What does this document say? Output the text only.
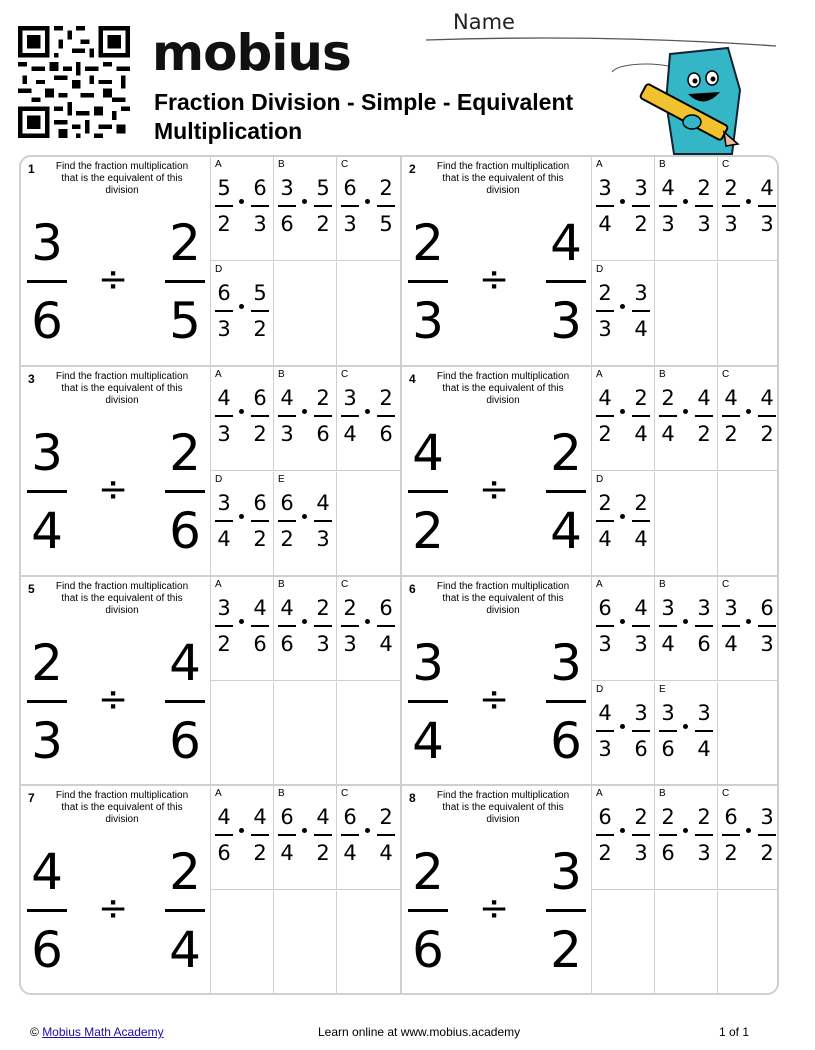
mobius
Fraction Division - Simple - Equivalent Multiplication
Name
1	Find the fraction multiplication that is the equivalent of this division
3
6
÷
2
5
A
5
2
6
3
B
3
6
5
2
C
6
3
2
5
D
6
3
5
2
2	Find the fraction multiplication that is the equivalent of this division
2
3
÷
4
3
A
3
4
3
2
B
4
3
2
3
C
2
3
4
3
D
2
3
3
4
3	Find the fraction multiplication that is the equivalent of this division
3
4
÷
2
6
A
4
3
6
2
B
4
3
2
6
C
3
4
2
6
D
3
4
6
2
E
6
2
4
3
4	Find the fraction multiplication that is the equivalent of this division
4
2
÷
2
4
A
4
2
2
4
B
2
4
4
2
C
4
2
4
2
D
2
4
2
4
5	Find the fraction multiplication that is the equivalent of this division
2
3
÷
4
6
A
3
2
4
6
B
4
6
2
3
C
2
3
6
4
6	Find the fraction multiplication that is the equivalent of this division
3
4
÷
3
6
A
6
3
4
3
B
3
4
3
6
C
3
4
6
3
D
4
3
3
6
E
3
6
3
4
7	Find the fraction multiplication that is the equivalent of this division
4
6
÷
2
4
A
4
6
4
2
B
6
4
4
2
C
6
4
2
4
8	Find the fraction multiplication that is the equivalent of this division
2
6
÷
3
2
A
6
2
2
3
B
2
6
2
3
C
6
2
3
2
© Mobius Math Academy	Learn online at www.mobius.academy	1 of 1
